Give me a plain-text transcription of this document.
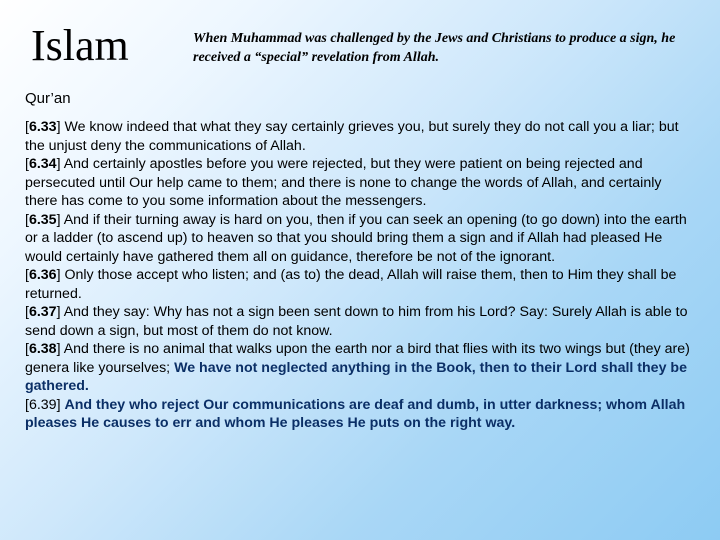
Islam	When Muhammad was challenged by the Jews and Christians to produce a sign, he received a “special” revelation from Allah.
Qur’an

[6.33] We know indeed that what they say certainly grieves you, but surely they do not call you a liar; but the unjust deny the communications of Allah.

[6.34] And certainly apostles before you were rejected, but they were patient on being rejected and persecuted until Our help came to them; and there is none to change the words of Allah, and certainly there has come to you some information about the messengers.

[6.35] And if their turning away is hard on you, then if you can seek an opening (to go down) into the earth or a ladder (to ascend up) to heaven so that you should bring them a sign and if Allah had pleased He would certainly have gathered them all on guidance, therefore be not of the ignorant.

[6.36] Only those accept who listen; and (as to) the dead, Allah will raise them, then to Him they shall be returned.

[6.37] And they say: Why has not a sign been sent down to him from his Lord? Say: Surely Allah is able to send down a sign, but most of them do not know.

[6.38] And there is no animal that walks upon the earth nor a bird that flies with its two wings but (they are) genera like yourselves; We have not neglected anything in the Book, then to their Lord shall they be gathered.

[6.39] And they who reject Our communications are deaf and dumb, in utter darkness; whom Allah pleases He causes to err and whom He pleases He puts on the right way.
